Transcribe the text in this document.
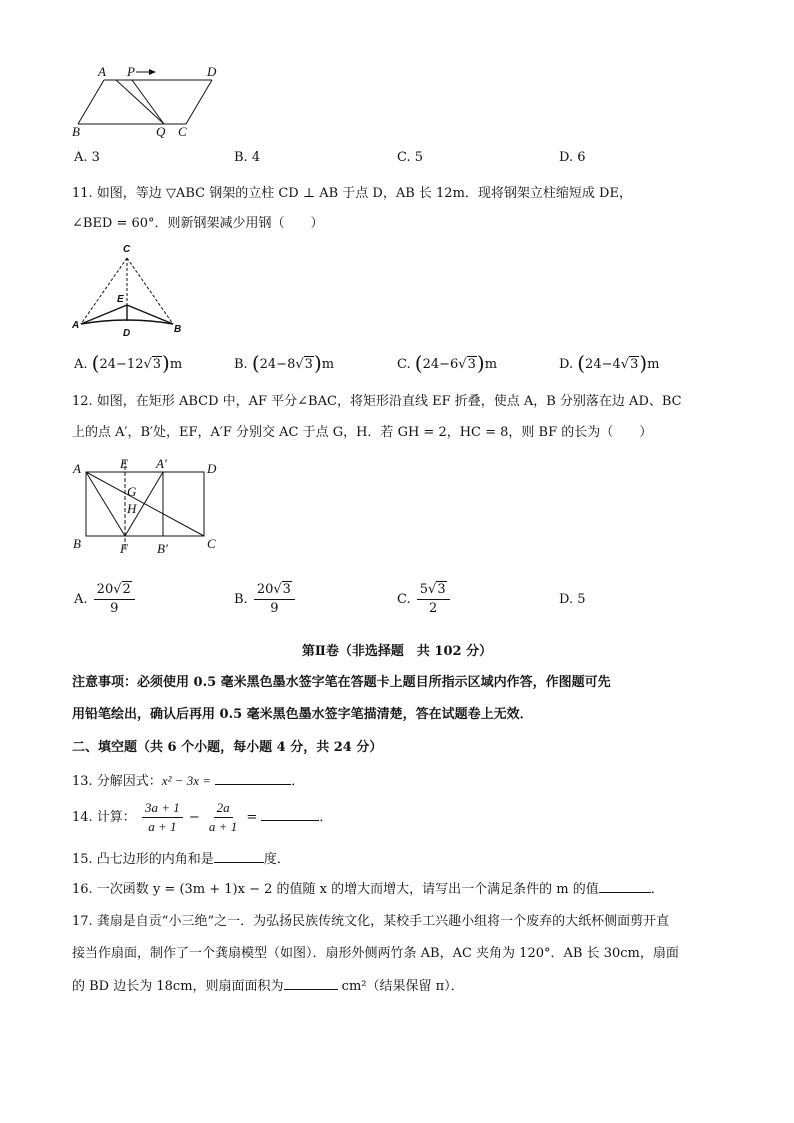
A P	D
B	Q C
A. 3	B. 4	C. 5	D. 6
11. 如图，等边 ▽ABC 钢架的立柱 CD ⊥ AB 于点 D，AB 长 12m．现将钢架立柱缩短成 DE，
∠BED = 60°．则新钢架减少用钢（　　）
C
E
A
D	B
A. (24−12√3)m	B. (24−8√3)m	C. (24−6√3)m	D. (24−4√3)m
12. 如图，在矩形 ABCD 中，AF 平分∠BAC，将矩形沿直线 EF 折叠，使点 A，B 分别落在边 AD、BC
上的点 A′，B′处，EF，A′F 分别交 AC 于点 G，H．若 GH = 2，HC = 8，则 BF 的长为（　　）
A	E A′	D
G
H
B	F B′	C
A. $\frac{20√2}{9}$	B. $\frac{20√3}{9}$	C. $\frac{5√3}{2}$	D. 5
第Ⅱ卷（非选择题　共 102 分）
注意事项：必须使用 0.5 毫米黑色墨水签字笔在答题卡上题目所指示区域内作答，作图题可先
用铅笔绘出，确认后再用 0.5 毫米黑色墨水签字笔描清楚，答在试题卷上无效．
二、填空题（共 6 个小题，每小题 4 分，共 24 分）
13. 分解因式：x² − 3x =	．
14. 计算： $\frac{3a + 1}{a + 1} - \frac{2a}{a + 1}$ =	．
15. 凸七边形的内角和是	度．
16. 一次函数 y = (3m + 1)x − 2 的值随 x 的增大而增大，请写出一个满足条件的 m 的值	．
17. 龚扇是自贡“小三绝”之一．为弘扬民族传统文化，某校手工兴趣小组将一个废弃的大纸杯侧面剪开直
接当作扇面，制作了一个龚扇模型（如图）．扇形外侧两竹条 AB，AC 夹角为 120°．AB 长 30cm，扇面
的 BD 边长为 18cm，则扇面面积为	cm²（结果保留 π）．
